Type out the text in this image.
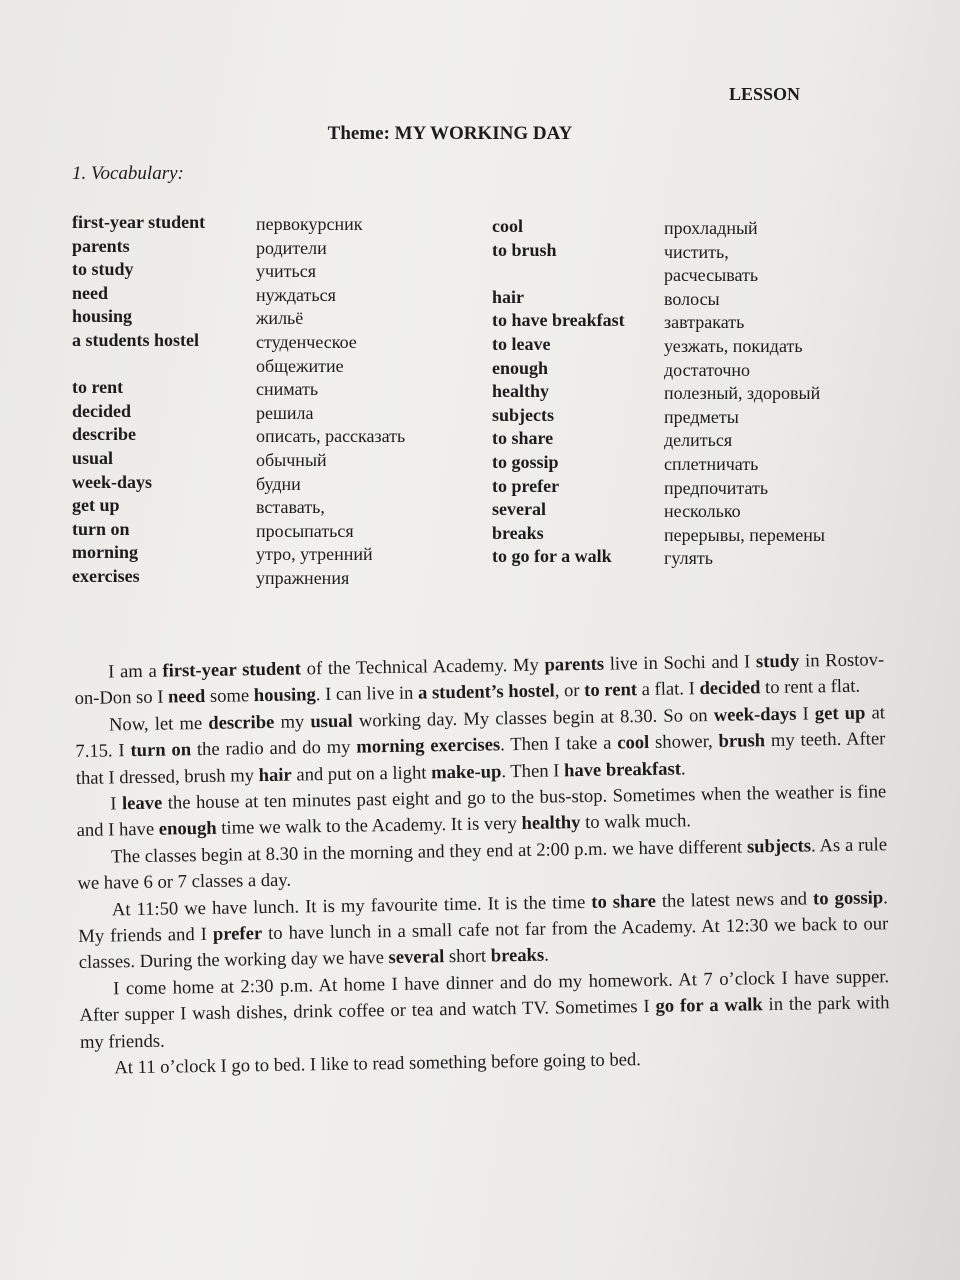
LESSON
Theme: MY WORKING DAY
1. Vocabulary:
first-year student
parents
to study
need
housing
a students hostel
to rent
decided
describe
usual
week-days
get up
turn on
morning
exercises
первокурсник
родители
учиться
нуждаться
жильё
студенческое
общежитие
снимать
решила
описать, рассказать
обычный
будни
вставать,
просыпаться
утро, утренний
упражнения
cool
to brush
hair
to have breakfast
to leave
enough
healthy
subjects
to share
to gossip
to prefer
several
breaks
to go for a walk
прохладный
чистить,
расчесывать
волосы
завтракать
уезжать, покидать
достаточно
полезный, здоровый
предметы
делиться
сплетничать
предпочитать
несколько
перерывы, перемены
гулять

I am a first-year student of the Technical Academy. My parents live in Sochi and I study in Rostov-on-Don so I need some housing. I can live in a student’s hostel, or to rent a flat. I decided to rent a flat.

Now, let me describe my usual working day. My classes begin at 8.30. So on week-days I get up at 7.15. I turn on the radio and do my morning exercises. Then I take a cool shower, brush my teeth. After that I dressed, brush my hair and put on a light make-up. Then I have breakfast.

I leave the house at ten minutes past eight and go to the bus-stop. Sometimes when the weather is fine and I have enough time we walk to the Academy. It is very healthy to walk much.

The classes begin at 8.30 in the morning and they end at 2:00 p.m. we have different subjects. As a rule we have 6 or 7 classes a day.

At 11:50 we have lunch. It is my favourite time. It is the time to share the latest news and to gossip. My friends and I prefer to have lunch in a small cafe not far from the Academy. At 12:30 we back to our classes. During the working day we have several short breaks.

I come home at 2:30 p.m. At home I have dinner and do my homework. At 7 o’clock I have supper. After supper I wash dishes, drink coffee or tea and watch TV. Sometimes I go for a walk in the park with my friends.

At 11 o’clock I go to bed. I like to read something before going to bed.
